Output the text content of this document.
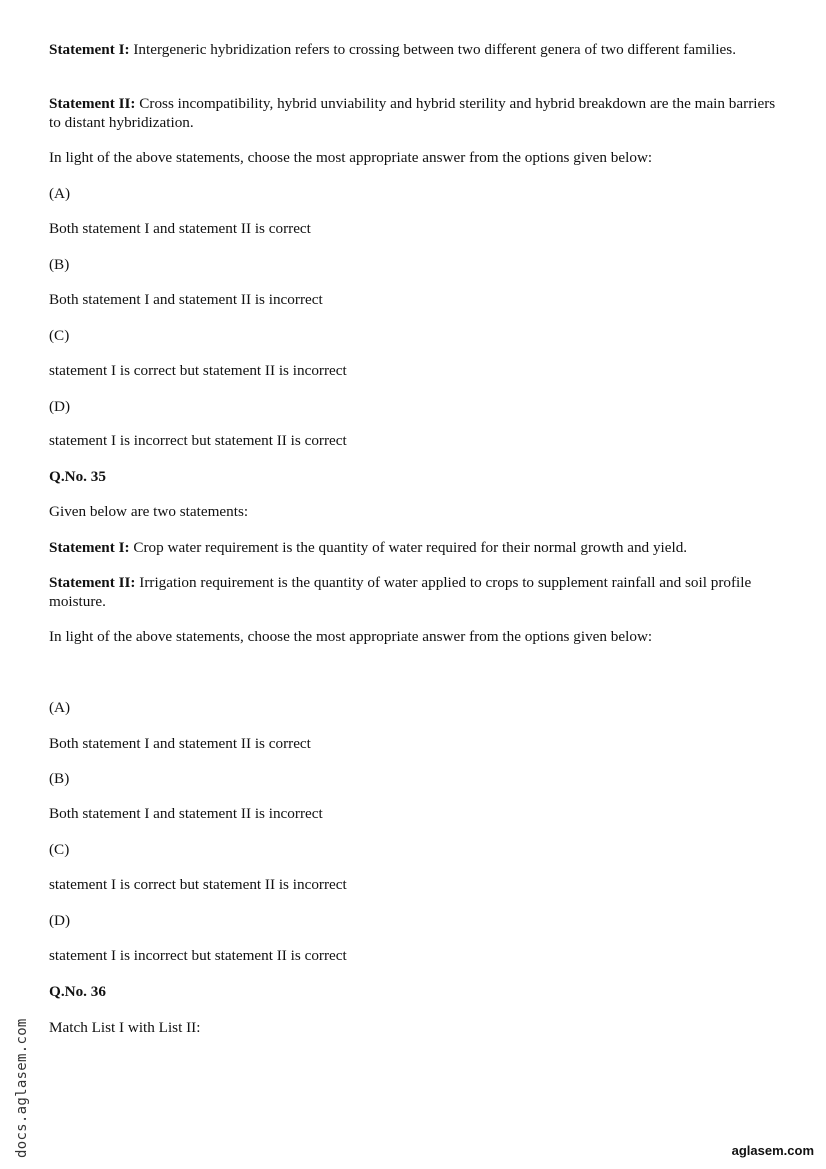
Statement I: Intergeneric hybridization refers to crossing between two different genera of two different families.

Statement II: Cross incompatibility, hybrid unviability and hybrid sterility and hybrid breakdown are the main barriers to distant hybridization.

In light of the above statements, choose the most appropriate answer from the options given below:

(A)

Both statement I and statement II is correct

(B)

Both statement I and statement II is incorrect

(C)

statement I is correct but statement II is incorrect

(D)

statement I is incorrect but statement II is correct

Q.No. 35

Given below are two statements:

Statement I: Crop water requirement is the quantity of water required for their normal growth and yield.

Statement II: Irrigation requirement is the quantity of water applied to crops to supplement rainfall and soil profile moisture.

In light of the above statements, choose the most appropriate answer from the options given below:

(A)

Both statement I and statement II is correct

(B)

Both statement I and statement II is incorrect

(C)

statement I is correct but statement II is incorrect

(D)

statement I is incorrect but statement II is correct

Q.No. 36

Match List I with List II:

docs.aglasem.com	aglasem.com
